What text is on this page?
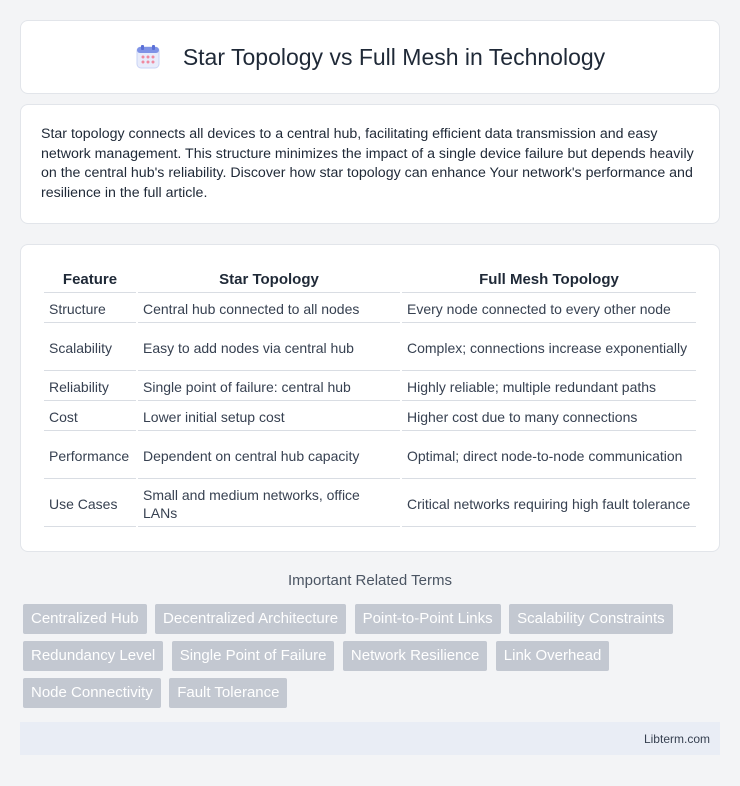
Star Topology vs Full Mesh in Technology

Star topology connects all devices to a central hub, facilitating efficient data transmission and easy network management. This structure minimizes the impact of a single device failure but depends heavily on the central hub's reliability. Discover how star topology can enhance Your network's performance and resilience in the full article.

Feature	Star Topology	Full Mesh Topology
Structure	Central hub connected to all nodes	Every node connected to every other node
Scalability	Easy to add nodes via central hub	Complex; connections increase exponentially
Reliability	Single point of failure: central hub	Highly reliable; multiple redundant paths
Cost	Lower initial setup cost	Higher cost due to many connections
Performance	Dependent on central hub capacity	Optimal; direct node-to-node communication
Use Cases	Small and medium networks, office LANs	Critical networks requiring high fault tolerance
Important Related Terms
Centralized Hub Decentralized Architecture Point-to-Point Links Scalability Constraints Redundancy Level Single Point of Failure Network Resilience Link Overhead Node Connectivity Fault Tolerance
Libterm.com
